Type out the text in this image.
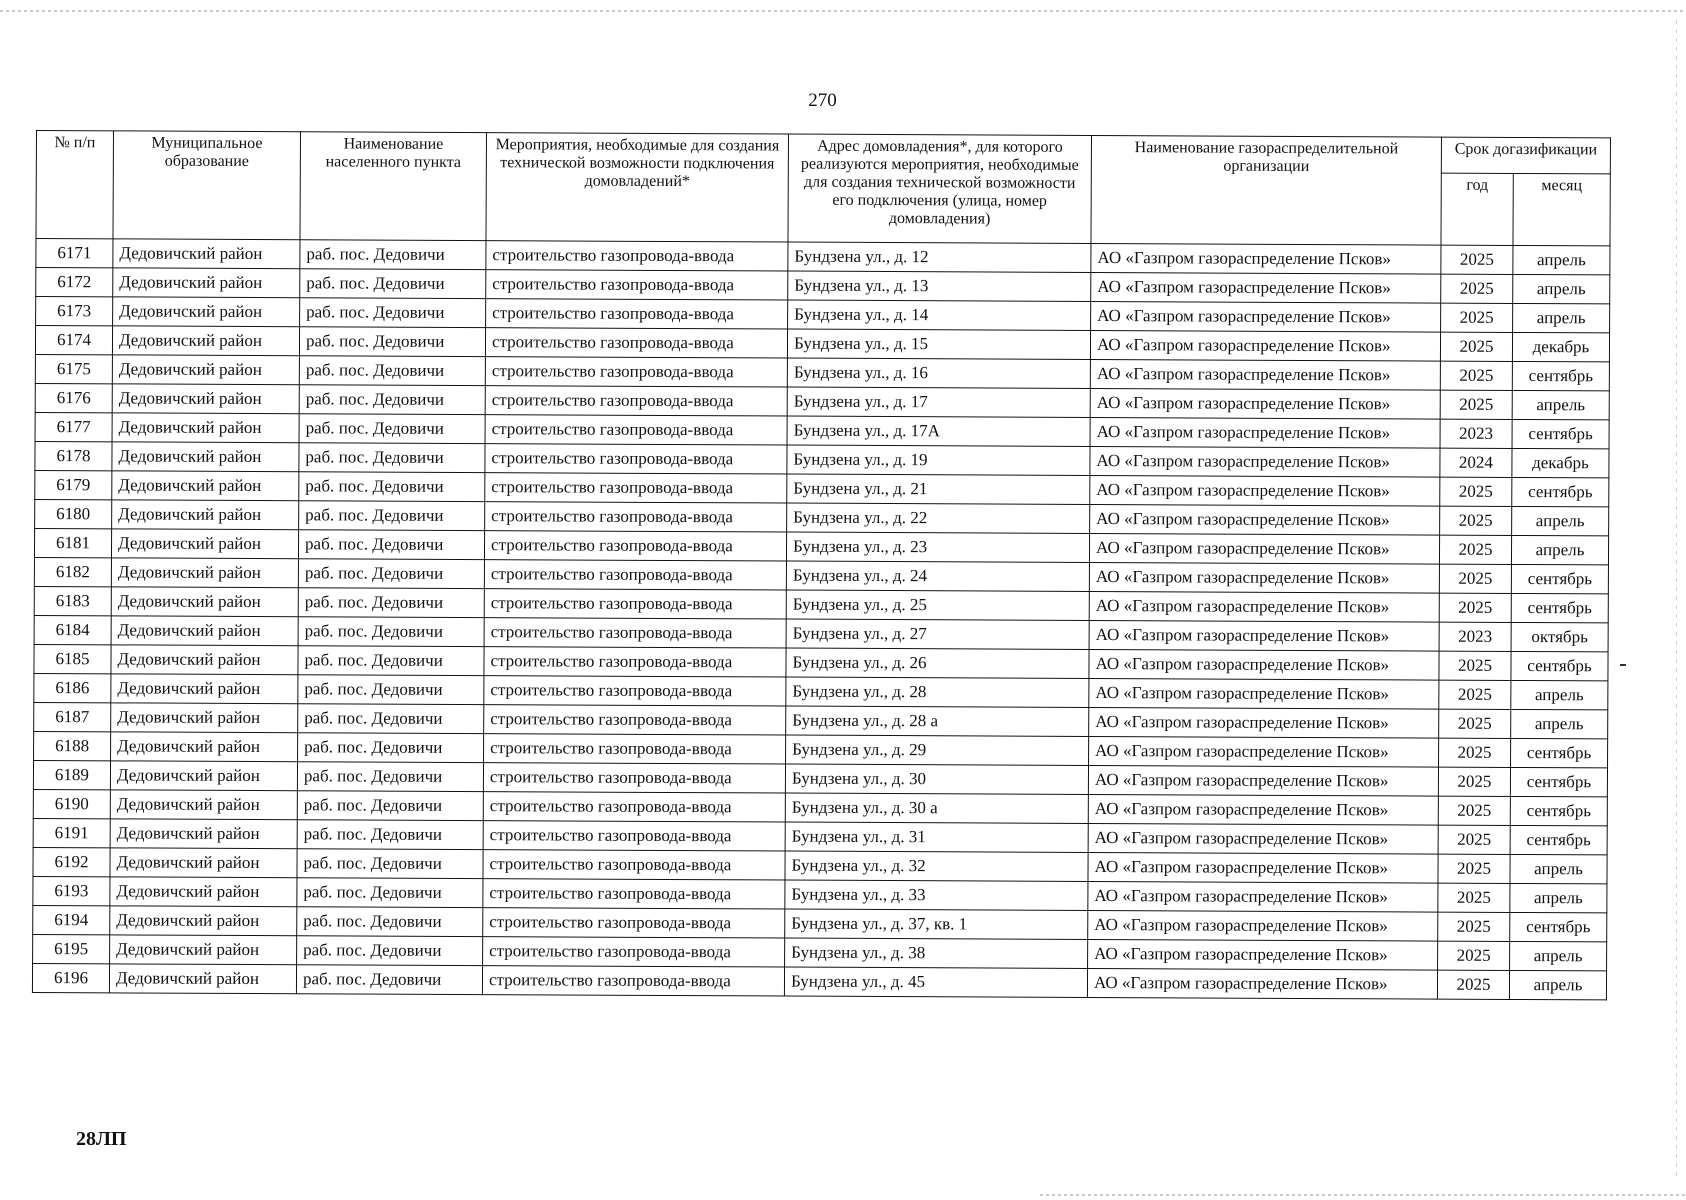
270
№ п/п	Муниципальное образование	Наименование населенного пункта	Мероприятия, необходимые для создания технической возможности подключения домовладений*	Адрес домовладения*, для которого реализуются мероприятия, необходимые для создания технической возможности его подключения (улица, номер домовладения)	Наименование газораспределительной организации	Срок догазификации	
						год	месяц
6171	Дедовичский район	раб. пос. Дедовичи	строительство газопровода-ввода	Бундзена ул., д. 12	АО «Газпром газораспределение Псков»	2025	апрель
6172	Дедовичский район	раб. пос. Дедовичи	строительство газопровода-ввода	Бундзена ул., д. 13	АО «Газпром газораспределение Псков»	2025	апрель
6173	Дедовичский район	раб. пос. Дедовичи	строительство газопровода-ввода	Бундзена ул., д. 14	АО «Газпром газораспределение Псков»	2025	апрель
6174	Дедовичский район	раб. пос. Дедовичи	строительство газопровода-ввода	Бундзена ул., д. 15	АО «Газпром газораспределение Псков»	2025	декабрь
6175	Дедовичский район	раб. пос. Дедовичи	строительство газопровода-ввода	Бундзена ул., д. 16	АО «Газпром газораспределение Псков»	2025	сентябрь
6176	Дедовичский район	раб. пос. Дедовичи	строительство газопровода-ввода	Бундзена ул., д. 17	АО «Газпром газораспределение Псков»	2025	апрель
6177	Дедовичский район	раб. пос. Дедовичи	строительство газопровода-ввода	Бундзена ул., д. 17А	АО «Газпром газораспределение Псков»	2023	сентябрь
6178	Дедовичский район	раб. пос. Дедовичи	строительство газопровода-ввода	Бундзена ул., д. 19	АО «Газпром газораспределение Псков»	2024	декабрь
6179	Дедовичский район	раб. пос. Дедовичи	строительство газопровода-ввода	Бундзена ул., д. 21	АО «Газпром газораспределение Псков»	2025	сентябрь
6180	Дедовичский район	раб. пос. Дедовичи	строительство газопровода-ввода	Бундзена ул., д. 22	АО «Газпром газораспределение Псков»	2025	апрель
6181	Дедовичский район	раб. пос. Дедовичи	строительство газопровода-ввода	Бундзена ул., д. 23	АО «Газпром газораспределение Псков»	2025	апрель
6182	Дедовичский район	раб. пос. Дедовичи	строительство газопровода-ввода	Бундзена ул., д. 24	АО «Газпром газораспределение Псков»	2025	сентябрь
6183	Дедовичский район	раб. пос. Дедовичи	строительство газопровода-ввода	Бундзена ул., д. 25	АО «Газпром газораспределение Псков»	2025	сентябрь
6184	Дедовичский район	раб. пос. Дедовичи	строительство газопровода-ввода	Бундзена ул., д. 27	АО «Газпром газораспределение Псков»	2023	октябрь
6185	Дедовичский район	раб. пос. Дедовичи	строительство газопровода-ввода	Бундзена ул., д. 26	АО «Газпром газораспределение Псков»	2025	сентябрь
6186	Дедовичский район	раб. пос. Дедовичи	строительство газопровода-ввода	Бундзена ул., д. 28	АО «Газпром газораспределение Псков»	2025	апрель
6187	Дедовичский район	раб. пос. Дедовичи	строительство газопровода-ввода	Бундзена ул., д. 28 а	АО «Газпром газораспределение Псков»	2025	апрель
6188	Дедовичский район	раб. пос. Дедовичи	строительство газопровода-ввода	Бундзена ул., д. 29	АО «Газпром газораспределение Псков»	2025	сентябрь
6189	Дедовичский район	раб. пос. Дедовичи	строительство газопровода-ввода	Бундзена ул., д. 30	АО «Газпром газораспределение Псков»	2025	сентябрь
6190	Дедовичский район	раб. пос. Дедовичи	строительство газопровода-ввода	Бундзена ул., д. 30 а	АО «Газпром газораспределение Псков»	2025	сентябрь
6191	Дедовичский район	раб. пос. Дедовичи	строительство газопровода-ввода	Бундзена ул., д. 31	АО «Газпром газораспределение Псков»	2025	сентябрь
6192	Дедовичский район	раб. пос. Дедовичи	строительство газопровода-ввода	Бундзена ул., д. 32	АО «Газпром газораспределение Псков»	2025	апрель
6193	Дедовичский район	раб. пос. Дедовичи	строительство газопровода-ввода	Бундзена ул., д. 33	АО «Газпром газораспределение Псков»	2025	апрель
6194	Дедовичский район	раб. пос. Дедовичи	строительство газопровода-ввода	Бундзена ул., д. 37, кв. 1	АО «Газпром газораспределение Псков»	2025	сентябрь
6195	Дедовичский район	раб. пос. Дедовичи	строительство газопровода-ввода	Бундзена ул., д. 38	АО «Газпром газораспределение Псков»	2025	апрель
6196	Дедовичский район	раб. пос. Дедовичи	строительство газопровода-ввода	Бундзена ул., д. 45	АО «Газпром газораспределение Псков»	2025	апрель
28ЛП
